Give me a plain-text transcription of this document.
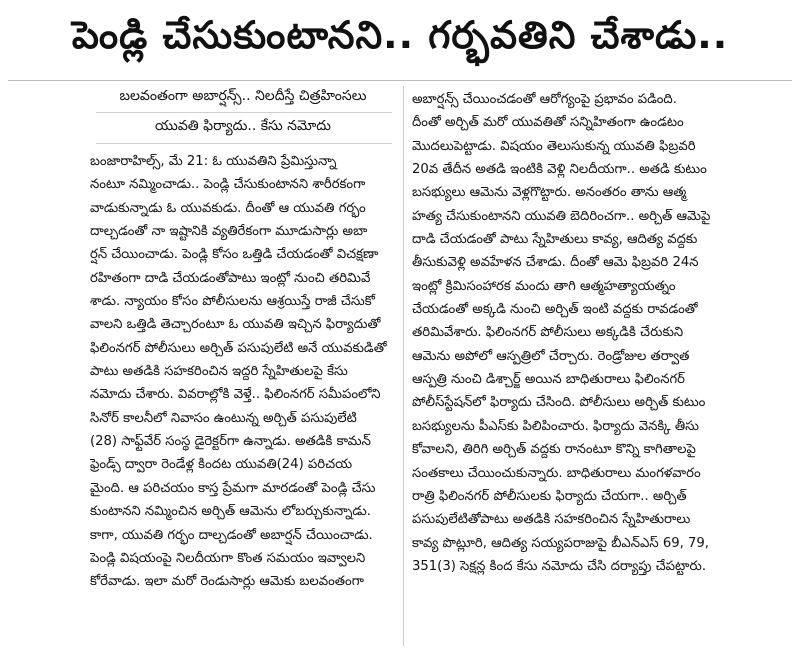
పెండ్లి చేసుకుంటానని.. గర్భవతిని చేశాడు..
బలవంతంగా అబార్షన్స్.. నిలదీస్తే చిత్రహింసలు
యువతి ఫిర్యాదు.. కేసు నమోదు
బంజారాహిల్స్, మే 21: ఓ యువతిని ప్రేమిస్తున్నా
నంటూ నమ్మించాడు.. పెండ్లి చేసుకుంటానని శారీరకంగా
వాడుకున్నాడు ఓ యువకుడు. దీంతో ఆ యువతి గర్భం
దాల్చడంతో నా ఇష్టానికి వ్యతిరేకంగా మూడుసార్లు అబా
ర్షన్ చేయించాడు. పెండ్లి కోసం ఒత్తిడి చేయడంతో విచక్షణా
రహితంగా దాడి చేయడంతోపాటు ఇంట్లో నుంచి తరిమివే
శాడు. న్యాయం కోసం పోలీసులను ఆశ్రయిస్తే రాజీ చేసుకో
వాలని ఒత్తిడి తెచ్చారంటూ ఓ యువతి ఇచ్చిన ఫిర్యాదుతో
ఫిలింనగర్ పోలీసులు అర్చిత్ పసుపులేటి అనే యువకుడితో
పాటు అతడికి సహకరించిన ఇద్దరి స్నేహితులపై కేసు
నమోదు చేశారు. వివరాల్లోకి వెళ్తే.. ఫిలింనగర్ సమీపంలోని
సినోర్ కాలనీలో నివాసం ఉంటున్న అర్చిత్ పసుపులేటి
(28) సాఫ్ట్‌వేర్ సంస్థ డైరెక్టర్‌గా ఉన్నాడు. అతడికి కామన్
ఫ్రెండ్స్ ద్వారా రెండేళ్ల కిందట యువతి(24) పరిచయ
మైంది. ఆ పరిచయం కాస్త ప్రేమగా మారడంతో పెండ్లి చేసు
కుంటానని నమ్మించిన అర్చిత్ ఆమెను లోబర్చుకున్నాడు.
కాగా, యువతి గర్భం దాల్చడంతో అబార్షన్ చేయించాడు.
పెండ్లి విషయంపై నిలదీయగా కొంత సమయం ఇవ్వాలని
కోరేవాడు. ఇలా మరో రెండుసార్లు ఆమెకు బలవంతంగా
అబార్షన్స్ చేయించడంతో ఆరోగ్యంపై ప్రభావం పడింది.
దీంతో అర్చిత్ మరో యువతితో సన్నిహితంగా ఉండటం
మొదలుపెట్టాడు. విషయం తెలుసుకున్న యువతి ఫిబ్రవరి
20వ తేదీన అతడి ఇంటికి వెళ్లి నిలదీయగా.. అతడి కుటుం
బసభ్యులు ఆమెను వెళ్లగొట్టారు. అనంతరం తాను ఆత్మ
హత్య చేసుకుంటానని యువతి బెదిరించగా.. అర్చిత్ ఆమెపై
దాడి చేయడంతో పాటు స్నేహితులు కావ్య, ఆదిత్య వద్దకు
తీసుకువెళ్లి అవహేళన చేశాడు. దీంతో ఆమె ఫిబ్రవరి 24న
ఇంట్లో క్రిమిసంహారక మందు తాగి ఆత్మహత్యాయత్నం
చేయడంతో అక్కడి నుంచి అర్చిత్ ఇంటి వద్దకు రావడంతో
తరిమివేశారు. ఫిలింనగర్ పోలీసులు అక్కడికి చేరుకుని
ఆమెను అపోలో ఆస్పత్రిలో చేర్చారు. రెండ్రోజుల తర్వాత
ఆస్పత్రి నుంచి డిశ్చార్జ్ అయిన బాధితురాలు ఫిలింనగర్
పోలీస్‌స్టేషన్‌లో ఫిర్యాదు చేసింది. పోలీసులు అర్చిత్ కుటుం
బసభ్యులను పీఎస్‌కు పిలిపించారు. ఫిర్యాదు వెనక్కి తీసు
కోవాలని, తిరిగి అర్చిత్ వద్దకు రానంటూ కొన్ని కాగితాలపై
సంతకాలు చేయించుకున్నారు. బాధితురాలు మంగళవారం
రాత్రి ఫిలింనగర్ పోలీసులకు ఫిర్యాదు చేయగా.. అర్చిత్
పసుపులేటితోపాటు అతడికి సహకరించిన స్నేహితురాలు
కావ్య పొట్లూరి, ఆదిత్య సయ్యపరాజుపై బీఎన్ఎస్ 69, 79,
351(3) సెక్షన్ల కింద కేసు నమోదు చేసి దర్యాప్తు చేపట్టారు.
